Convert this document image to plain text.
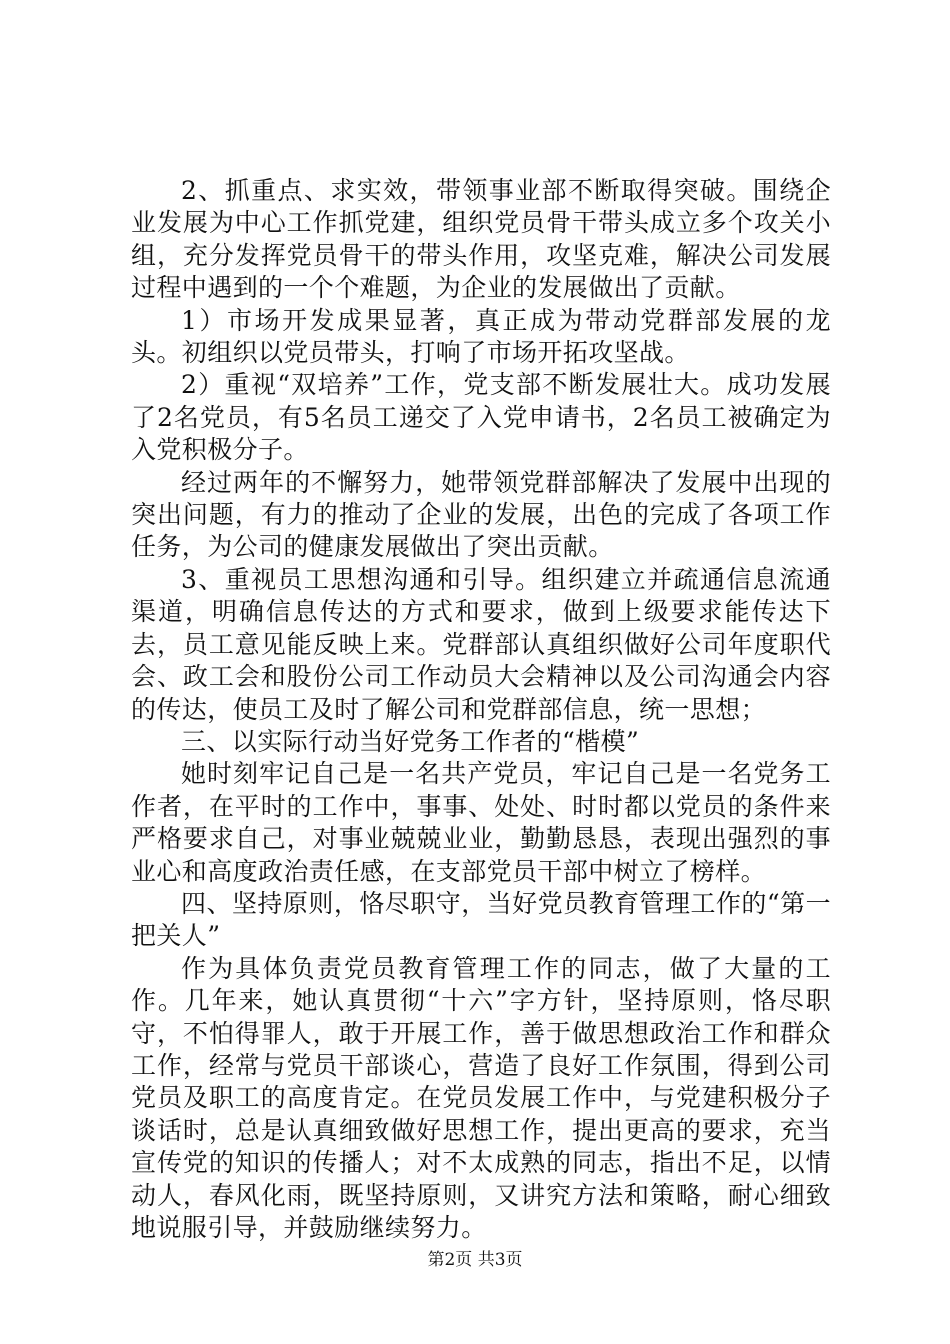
2、抓重点、求实效，带领事业部不断取得突破。围绕企业发展为中心工作抓党建，组织党员骨干带头成立多个攻关小组，充分发挥党员骨干的带头作用，攻坚克难，解决公司发展过程中遇到的一个个难题，为企业的发展做出了贡献。

1）市场开发成果显著，真正成为带动党群部发展的龙头。初组织以党员带头，打响了市场开拓攻坚战。

2）重视“双培养”工作，党支部不断发展壮大。成功发展了2名党员，有5名员工递交了入党申请书，2名员工被确定为入党积极分子。

经过两年的不懈努力，她带领党群部解决了发展中出现的突出问题，有力的推动了企业的发展，出色的完成了各项工作任务，为公司的健康发展做出了突出贡献。

3、重视员工思想沟通和引导。组织建立并疏通信息流通渠道，明确信息传达的方式和要求，做到上级要求能传达下去，员工意见能反映上来。党群部认真组织做好公司年度职代会、政工会和股份公司工作动员大会精神以及公司沟通会内容的传达，使员工及时了解公司和党群部信息，统一思想；

三、以实际行动当好党务工作者的“楷模”

她时刻牢记自己是一名共产党员，牢记自己是一名党务工作者，在平时的工作中，事事、处处、时时都以党员的条件来严格要求自己，对事业兢兢业业，勤勤恳恳，表现出强烈的事业心和高度政治责任感，在支部党员干部中树立了榜样。

四、坚持原则，恪尽职守，当好党员教育管理工作的“第一把关人”

作为具体负责党员教育管理工作的同志，做了大量的工作。几年来，她认真贯彻“十六”字方针，坚持原则，恪尽职守，不怕得罪人，敢于开展工作，善于做思想政治工作和群众工作，经常与党员干部谈心，营造了良好工作氛围，得到公司党员及职工的高度肯定。在党员发展工作中，与党建积极分子谈话时，总是认真细致做好思想工作，提出更高的要求，充当宣传党的知识的传播人；对不太成熟的同志，指出不足，以情动人，春风化雨，既坚持原则，又讲究方法和策略，耐心细致地说服引导，并鼓励继续努力。

第2页 共3页
